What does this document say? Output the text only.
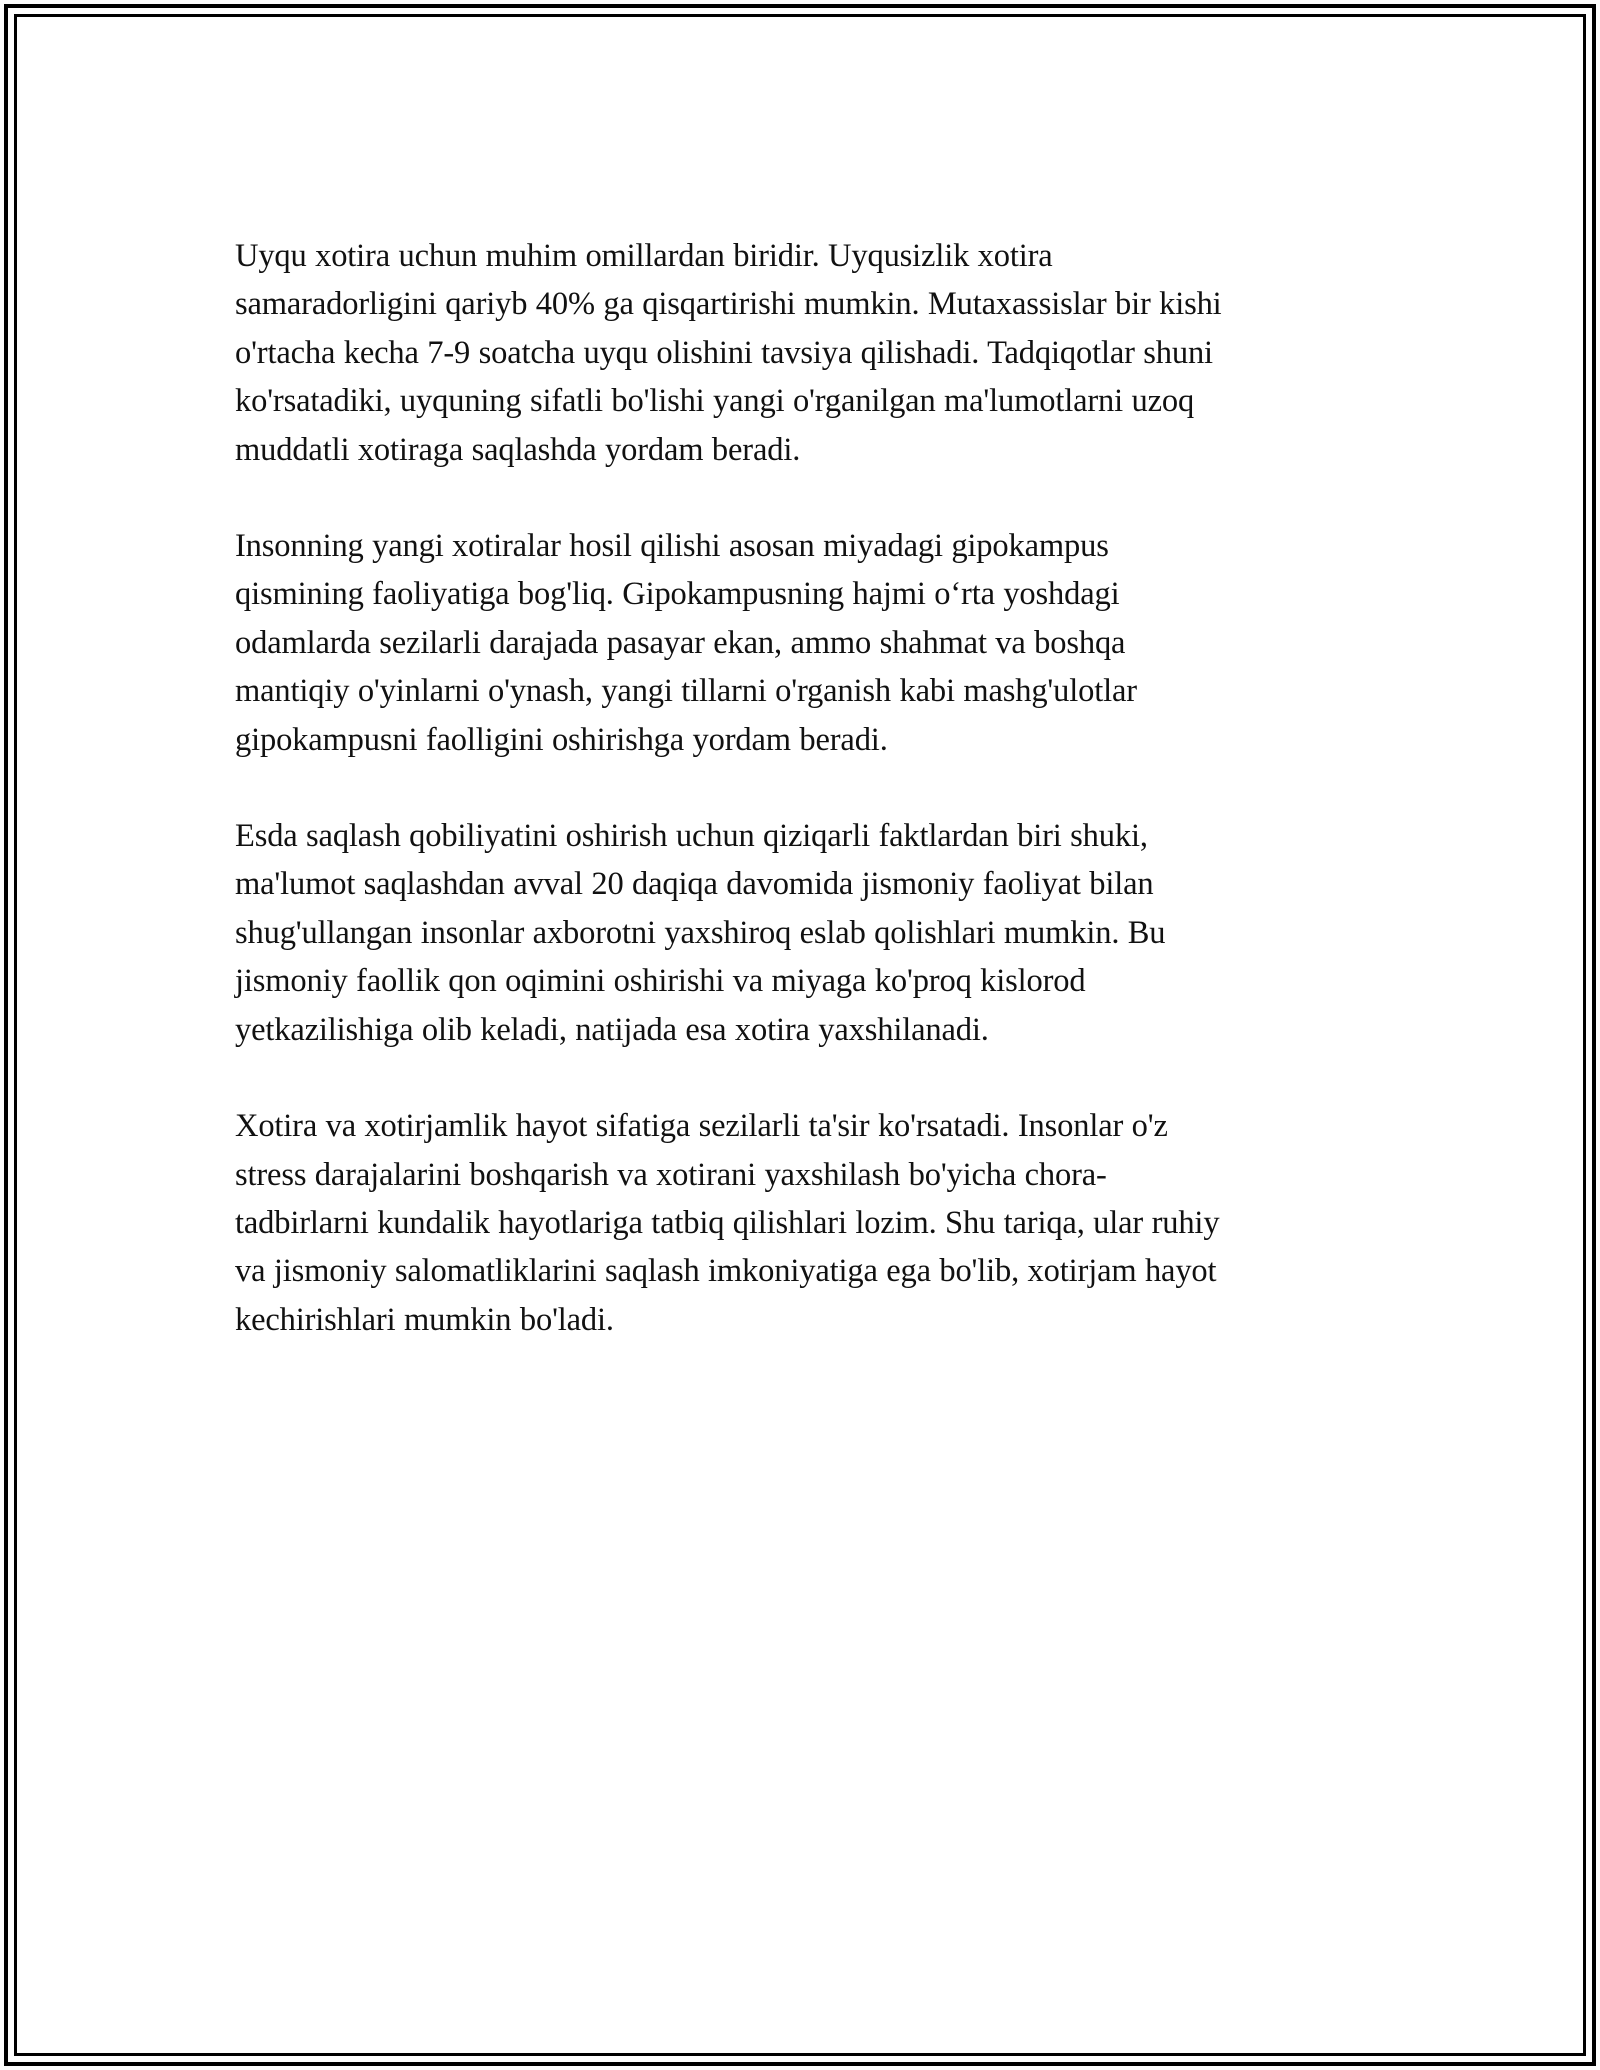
Uyqu xotira uchun muhim omillardan biridir. Uyqusizlik xotira
samaradorligini qariyb 40% ga qisqartirishi mumkin. Mutaxassislar bir kishi
o'rtacha kecha 7-9 soatcha uyqu olishini tavsiya qilishadi. Tadqiqotlar shuni
ko'rsatadiki, uyquning sifatli bo'lishi yangi o'rganilgan ma'lumotlarni uzoq
muddatli xotiraga saqlashda yordam beradi.

Insonning yangi xotiralar hosil qilishi asosan miyadagi gipokampus
qismining faoliyatiga bog'liq. Gipokampusning hajmi o‘rta yoshdagi
odamlarda sezilarli darajada pasayar ekan, ammo shahmat va boshqa
mantiqiy o'yinlarni o'ynash, yangi tillarni o'rganish kabi mashg'ulotlar
gipokampusni faolligini oshirishga yordam beradi.

Esda saqlash qobiliyatini oshirish uchun qiziqarli faktlardan biri shuki,
ma'lumot saqlashdan avval 20 daqiqa davomida jismoniy faoliyat bilan
shug'ullangan insonlar axborotni yaxshiroq eslab qolishlari mumkin. Bu
jismoniy faollik qon oqimini oshirishi va miyaga ko'proq kislorod
yetkazilishiga olib keladi, natijada esa xotira yaxshilanadi.

Xotira va xotirjamlik hayot sifatiga sezilarli ta'sir ko'rsatadi. Insonlar o'z
stress darajalarini boshqarish va xotirani yaxshilash bo'yicha chora-
tadbirlarni kundalik hayotlariga tatbiq qilishlari lozim. Shu tariqa, ular ruhiy
va jismoniy salomatliklarini saqlash imkoniyatiga ega bo'lib, xotirjam hayot
kechirishlari mumkin bo'ladi.
